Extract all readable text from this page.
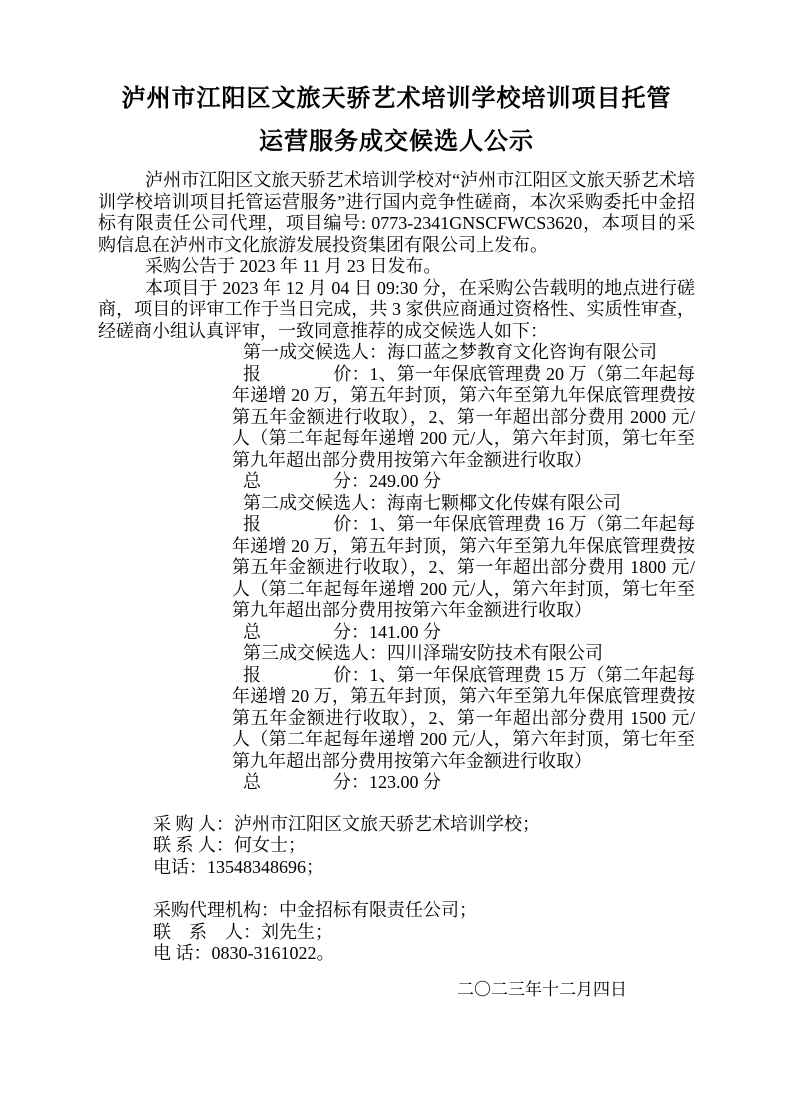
泸州市江阳区文旅天骄艺术培训学校培训项目托管
运营服务成交候选人公示

泸州市江阳区文旅天骄艺术培训学校对“泸州市江阳区文旅天骄艺术培训学校培训项目托管运营服务”进行国内竞争性磋商，本次采购委托中金招标有限责任公司代理，项目编号: 0773-2341GNSCFWCS3620，本项目的采购信息在泸州市文化旅游发展投资集团有限公司上发布。

采购公告于 2023 年 11 月 23 日发布。

本项目于 2023 年 12 月 04 日 09:30 分，在采购公告载明的地点进行磋商，项目的评审工作于当日完成，共 3 家供应商通过资格性、实质性审查，经磋商小组认真评审，一致同意推荐的成交候选人如下：

第一成交候选人：海口蓝之梦教育文化咨询有限公司

报　　　　价：1、第一年保底管理费 20 万（第二年起每年递增 20 万，第五年封顶，第六年至第九年保底管理费按第五年金额进行收取），2、第一年超出部分费用 2000 元/人（第二年起每年递增 200 元/人，第六年封顶，第七年至第九年超出部分费用按第六年金额进行收取）

总　　　　分：249.00 分

第二成交候选人：海南七颗椰文化传媒有限公司

报　　　　价：1、第一年保底管理费 16 万（第二年起每年递增 20 万，第五年封顶，第六年至第九年保底管理费按第五年金额进行收取），2、第一年超出部分费用 1800 元/人（第二年起每年递增 200 元/人，第六年封顶，第七年至第九年超出部分费用按第六年金额进行收取）

总　　　　分：141.00 分

第三成交候选人：四川泽瑞安防技术有限公司

报　　　　价：1、第一年保底管理费 15 万（第二年起每年递增 20 万，第五年封顶，第六年至第九年保底管理费按第五年金额进行收取），2、第一年超出部分费用 1500 元/人（第二年起每年递增 200 元/人，第六年封顶，第七年至第九年超出部分费用按第六年金额进行收取）

总　　　　分：123.00 分

采 购 人：泸州市江阳区文旅天骄艺术培训学校；

联 系 人：何女士；

电话：13548348696；

采购代理机构：中金招标有限责任公司；

联　系　人：刘先生；

电 话：0830-3161022。

二〇二三年十二月四日
